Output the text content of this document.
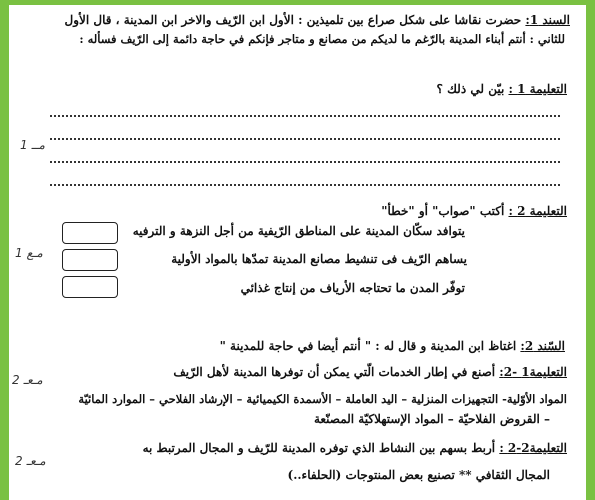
السند 1: حضرت نقاشا على شكل صراع بين تلميذين : الأول ابن الرّيف والاخر ابن المدينة ، قال الأول
للثاني : أنتم أبناء المدينة بالرّغم ما لديكم من مصانع و متاجر فإنكم في حاجة دائمة إلى الرّيف فسأله :
التعليمة 1 : بيّن لي ذلك ؟
مــ 1
التعليمة 2 : أكتب "صواب" أو "خطأ"
يتوافد سكّان المدينة على المناطق الرّيفية من أجل النزهة و الترفيه
يساهم الرّيف فى تنشيط مصانع المدينة تمدّها بالمواد الأولية
توفّر المدن ما تحتاجه الأرياف من إنتاج غذائي
مـع 1
السّند 2: اغتاظ ابن المدينة و قال له : " أنتم أيضا في حاجة للمدينة "
التعليمة1 -2: أصنع في إطار الخدمات الّتي يمكن أن توفرها المدينة لأهل الرّيف
المواد الأوّلية- التجهيزات المنزلية – اليد العاملة – الأسمدة الكيميائية – الإرشاد الفلاحي – الموارد المائيّة
– القروض الفلاحيّة – المواد الإستهلاكيّة المصنّعة
مـعـ 2
التعليمة2-2 : أربط بسهم بين النشاط الذي توفره المدينة للرّيف و المجال المرتبط به
المجال الثقافي ** تصنيع بعض المنتوجات (الحلفاء..)
مـعـ 2
